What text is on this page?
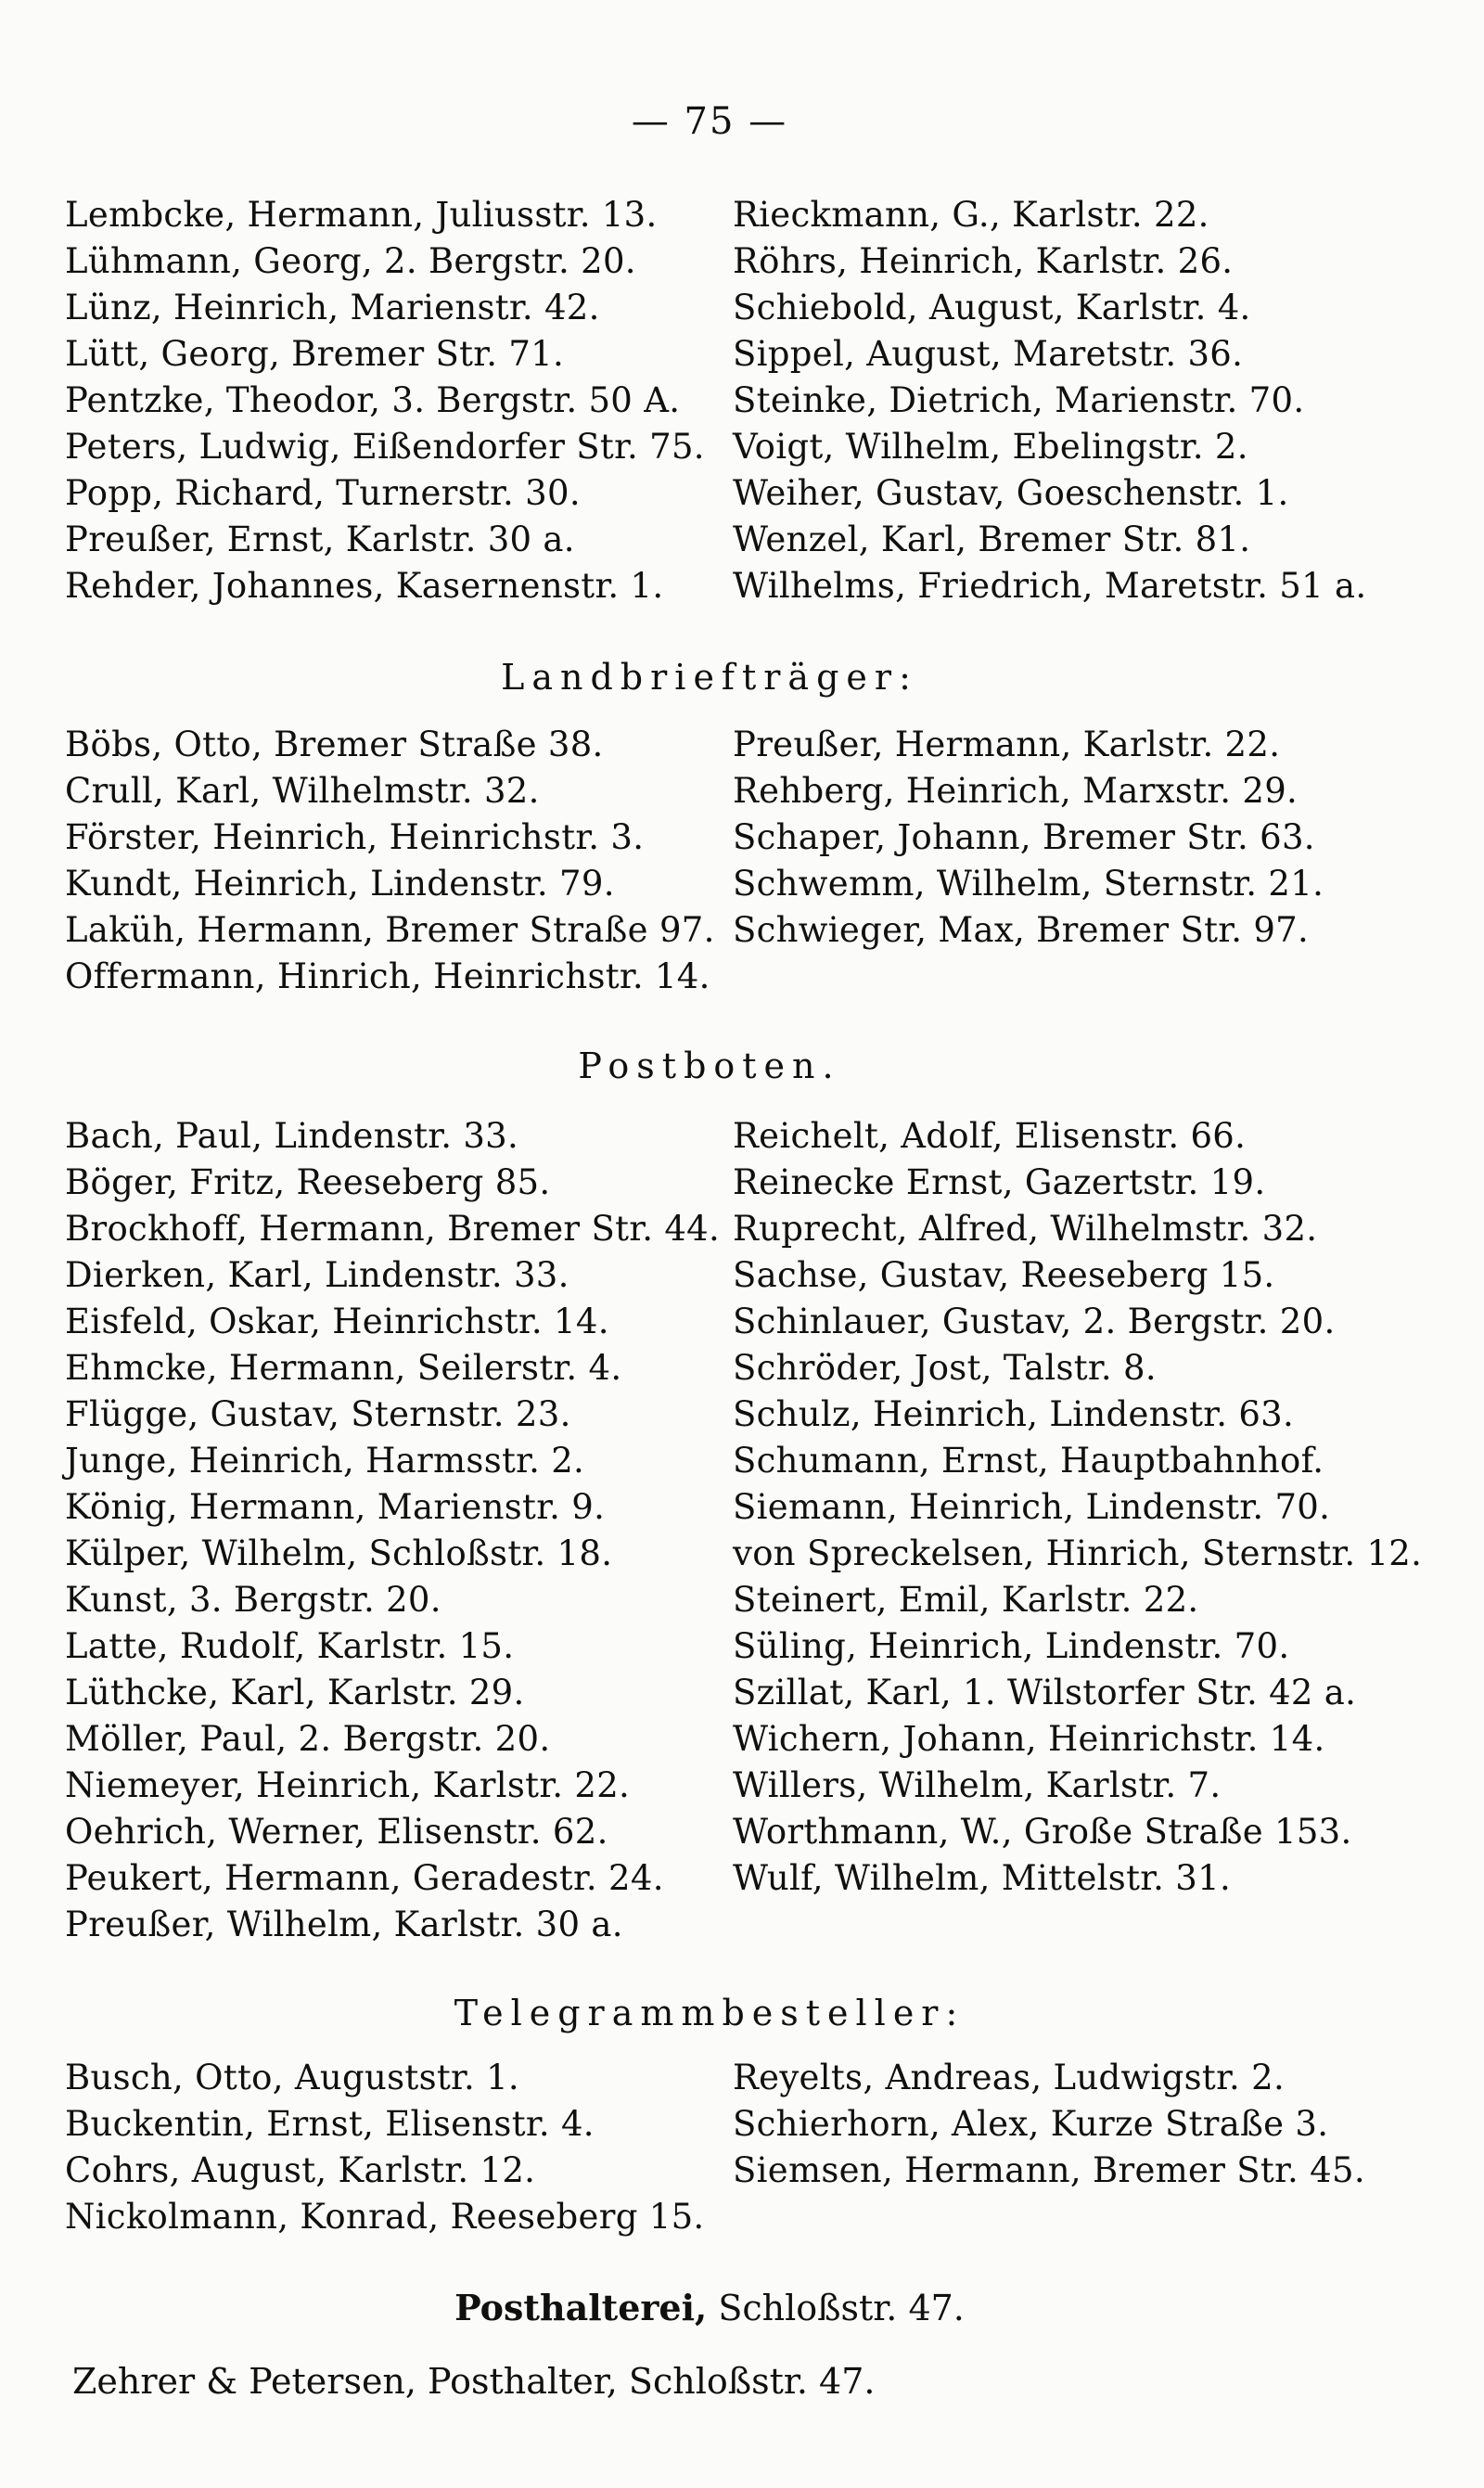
— 75 —
Lembcke, Hermann, Juliusstr. 13.
Lühmann, Georg, 2. Bergstr. 20.
Lünz, Heinrich, Marienstr. 42.
Lütt, Georg, Bremer Str. 71.
Pentzke, Theodor, 3. Bergstr. 50 A.
Peters, Ludwig, Eißendorfer Str. 75.
Popp, Richard, Turnerstr. 30.
Preußer, Ernst, Karlstr. 30 a.
Rehder, Johannes, Kasernenstr. 1.
Rieckmann, G., Karlstr. 22.
Röhrs, Heinrich, Karlstr. 26.
Schiebold, August, Karlstr. 4.
Sippel, August, Maretstr. 36.
Steinke, Dietrich, Marienstr. 70.
Voigt, Wilhelm, Ebelingstr. 2.
Weiher, Gustav, Goeschenstr. 1.
Wenzel, Karl, Bremer Str. 81.
Wilhelms, Friedrich, Maretstr. 51 a.
Landbriefträger:
Böbs, Otto, Bremer Straße 38.
Crull, Karl, Wilhelmstr. 32.
Förster, Heinrich, Heinrichstr. 3.
Kundt, Heinrich, Lindenstr. 79.
Laküh, Hermann, Bremer Straße 97.
Offermann, Hinrich, Heinrichstr. 14.
Preußer, Hermann, Karlstr. 22.
Rehberg, Heinrich, Marxstr. 29.
Schaper, Johann, Bremer Str. 63.
Schwemm, Wilhelm, Sternstr. 21.
Schwieger, Max, Bremer Str. 97.
Postboten.
Bach, Paul, Lindenstr. 33.
Böger, Fritz, Reeseberg 85.
Brockhoff, Hermann, Bremer Str. 44.
Dierken, Karl, Lindenstr. 33.
Eisfeld, Oskar, Heinrichstr. 14.
Ehmcke, Hermann, Seilerstr. 4.
Flügge, Gustav, Sternstr. 23.
Junge, Heinrich, Harmsstr. 2.
König, Hermann, Marienstr. 9.
Külper, Wilhelm, Schloßstr. 18.
Kunst, 3. Bergstr. 20.
Latte, Rudolf, Karlstr. 15.
Lüthcke, Karl, Karlstr. 29.
Möller, Paul, 2. Bergstr. 20.
Niemeyer, Heinrich, Karlstr. 22.
Oehrich, Werner, Elisenstr. 62.
Peukert, Hermann, Geradestr. 24.
Preußer, Wilhelm, Karlstr. 30 a.
Reichelt, Adolf, Elisenstr. 66.
Reinecke Ernst, Gazertstr. 19.
Ruprecht, Alfred, Wilhelmstr. 32.
Sachse, Gustav, Reeseberg 15.
Schinlauer, Gustav, 2. Bergstr. 20.
Schröder, Jost, Talstr. 8.
Schulz, Heinrich, Lindenstr. 63.
Schumann, Ernst, Hauptbahnhof.
Siemann, Heinrich, Lindenstr. 70.
von Spreckelsen, Hinrich, Sternstr. 12.
Steinert, Emil, Karlstr. 22.
Süling, Heinrich, Lindenstr. 70.
Szillat, Karl, 1. Wilstorfer Str. 42 a.
Wichern, Johann, Heinrichstr. 14.
Willers, Wilhelm, Karlstr. 7.
Worthmann, W., Große Straße 153.
Wulf, Wilhelm, Mittelstr. 31.
Telegrammbesteller:
Busch, Otto, Auguststr. 1.
Buckentin, Ernst, Elisenstr. 4.
Cohrs, August, Karlstr. 12.
Nickolmann, Konrad, Reeseberg 15.
Reyelts, Andreas, Ludwigstr. 2.
Schierhorn, Alex, Kurze Straße 3.
Siemsen, Hermann, Bremer Str. 45.
Posthalterei, Schloßstr. 47.
Zehrer & Petersen, Posthalter, Schloßstr. 47.
